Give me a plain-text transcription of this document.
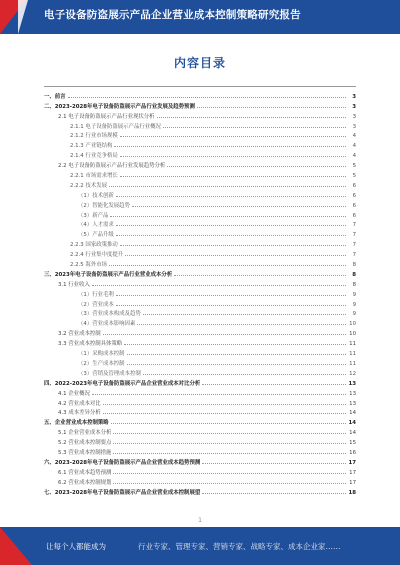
电子设备防盗展示产品企业营业成本控制策略研究报告
内容目录
一、前言	3
二、2023-2028年电子设备防盗展示产品行业发展及趋势预测	3
2.1 电子设备防盗展示产品行业现状分析	3
2.1.1 电子设备防盗展示产品行业概况	3
2.1.2 行业市场规模	4
2.1.3 产业链结构	4
2.1.4 行业竞争格局	4
2.2 电子设备防盗展示产品行业发展趋势分析	5
2.2.1 市场需求增长	5
2.2.2 技术发展	6
（1）技术创新	6
（2）智能化发展趋势	6
（3）新产品	6
（4）人才需求	7
（5）产品升级	7
2.2.3 国家政策推动	7
2.2.4 行业集中度提升	7
2.2.5 海外市场	8
三、2023年电子设备防盗展示产品行业营业成本分析	8
3.1 行业收入	8
（1）行业毛利	9
（2）营业成本	9
（3）营业成本构成及趋势	9
（4）营业成本影响因素	10
3.2 营业成本控制	10
3.3 营业成本控制具体策略	11
（1）采购成本控制	11
（2）生产成本控制	11
（3）营销及管理成本控制	12
四、2022-2023年电子设备防盗展示产品企业营业成本对比分析	13
4.1 企业概况	13
4.2 营业成本对比	13
4.3 成本差异分析	14
五、企业营业成本控制策略	14
5.1 企业营业成本分析	14
5.2 营业成本控制要点	15
5.3 营业成本控制措施	16
六、2023-2028年电子设备防盗展示产品企业营业成本趋势预测	17
6.1 营业成本趋势预测	17
6.2 营业成本控制规划	17
七、2023-2028年电子设备防盗展示产品企业营业成本控制展望	18
1
让每个人都能成为	行业专家、管理专家、营销专家、战略专家、成本企业家……
